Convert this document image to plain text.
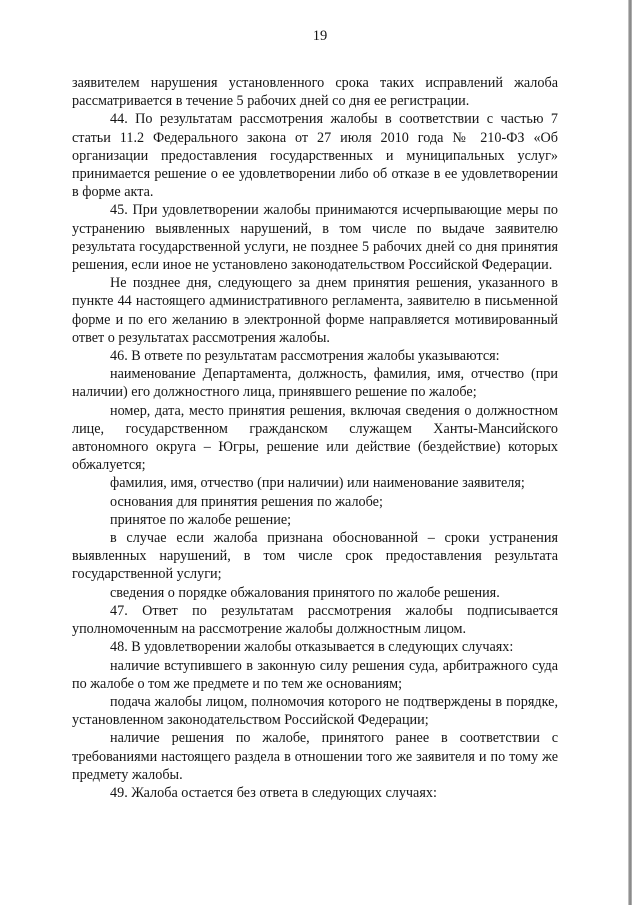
19

заявителем нарушения установленного срока таких исправлений жалоба рассматривается в течение 5 рабочих дней со дня ее регистрации.

44. По результатам рассмотрения жалобы в соответствии с частью 7 статьи 11.2 Федерального закона от 27 июля 2010 года № 210-ФЗ «Об организации предоставления государственных и муниципальных услуг» принимается решение о ее удовлетворении либо об отказе в ее удовлетворении в форме акта.

45. При удовлетворении жалобы принимаются исчерпывающие меры по устранению выявленных нарушений, в том числе по выдаче заявителю результата государственной услуги, не позднее 5 рабочих дней со дня принятия решения, если иное не установлено законодательством Российской Федерации.

Не позднее дня, следующего за днем принятия решения, указанного в пункте 44 настоящего административного регламента, заявителю в письменной форме и по его желанию в электронной форме направляется мотивированный ответ о результатах рассмотрения жалобы.

46. В ответе по результатам рассмотрения жалобы указываются:

наименование Департамента, должность, фамилия, имя, отчество (при наличии) его должностного лица, принявшего решение по жалобе;

номер, дата, место принятия решения, включая сведения о должностном лице, государственном гражданском служащем Ханты-Мансийского автономного округа – Югры, решение или действие (бездействие) которых обжалуется;

фамилия, имя, отчество (при наличии) или наименование заявителя;

основания для принятия решения по жалобе;

принятое по жалобе решение;

в случае если жалоба признана обоснованной – сроки устранения выявленных нарушений, в том числе срок предоставления результата государственной услуги;

сведения о порядке обжалования принятого по жалобе решения.

47. Ответ по результатам рассмотрения жалобы подписывается уполномоченным на рассмотрение жалобы должностным лицом.

48. В удовлетворении жалобы отказывается в следующих случаях:

наличие вступившего в законную силу решения суда, арбитражного суда по жалобе о том же предмете и по тем же основаниям;

подача жалобы лицом, полномочия которого не подтверждены в порядке, установленном законодательством Российской Федерации;

наличие решения по жалобе, принятого ранее в соответствии с требованиями настоящего раздела в отношении того же заявителя и по тому же предмету жалобы.

49. Жалоба остается без ответа в следующих случаях:
